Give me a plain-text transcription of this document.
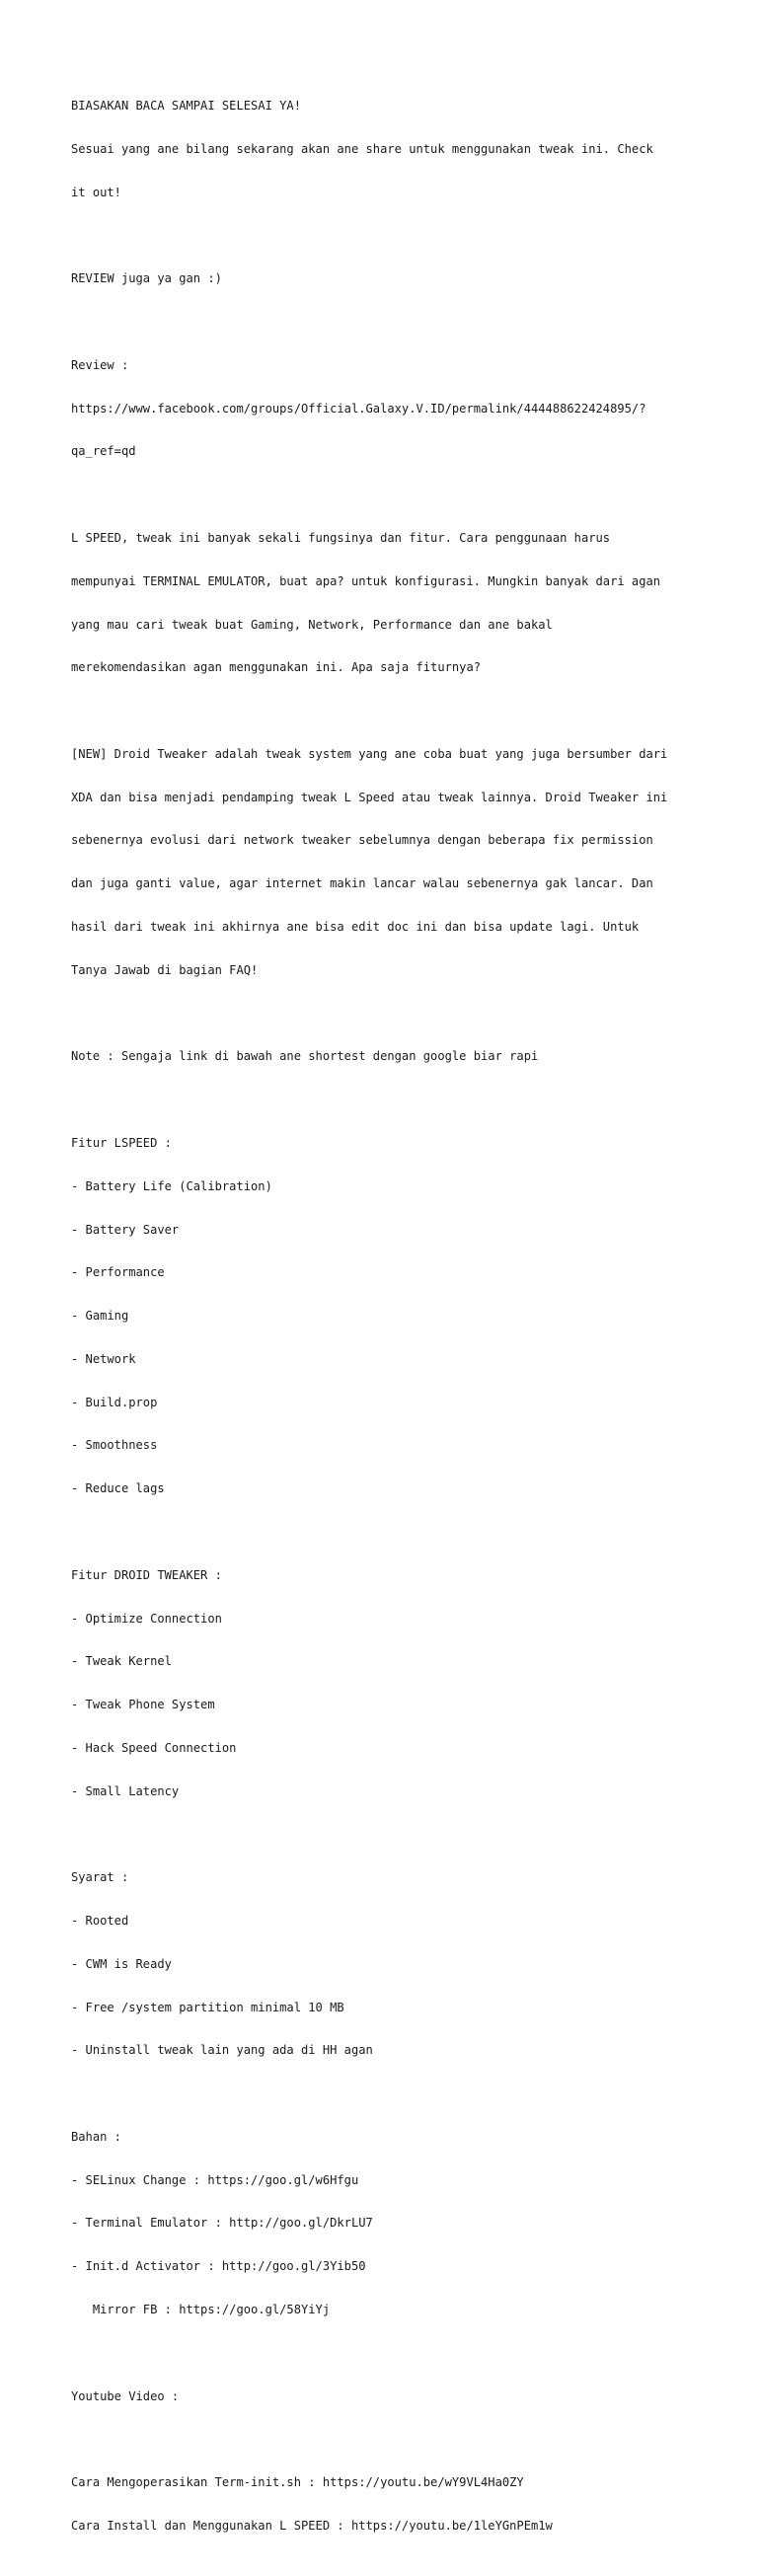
BIASAKAN BACA SAMPAI SELESAI YA!

Sesuai yang ane bilang sekarang akan ane share untuk menggunakan tweak ini. Check

it out!

REVIEW juga ya gan :)

Review :

https://www.facebook.com/groups/Official.Galaxy.V.ID/permalink/444488622424895/?

qa_ref=qd

L SPEED, tweak ini banyak sekali fungsinya dan fitur. Cara penggunaan harus

mempunyai TERMINAL EMULATOR, buat apa? untuk konfigurasi. Mungkin banyak dari agan

yang mau cari tweak buat Gaming, Network, Performance dan ane bakal

merekomendasikan agan menggunakan ini. Apa saja fiturnya?

[NEW] Droid Tweaker adalah tweak system yang ane coba buat yang juga bersumber dari

XDA dan bisa menjadi pendamping tweak L Speed atau tweak lainnya. Droid Tweaker ini

sebenernya evolusi dari network tweaker sebelumnya dengan beberapa fix permission

dan juga ganti value, agar internet makin lancar walau sebenernya gak lancar. Dan

hasil dari tweak ini akhirnya ane bisa edit doc ini dan bisa update lagi. Untuk

Tanya Jawab di bagian FAQ!

Note : Sengaja link di bawah ane shortest dengan google biar rapi

Fitur LSPEED :

- Battery Life (Calibration)

- Battery Saver

- Performance

- Gaming

- Network

- Build.prop

- Smoothness

- Reduce lags

Fitur DROID TWEAKER :

- Optimize Connection

- Tweak Kernel

- Tweak Phone System

- Hack Speed Connection

- Small Latency

Syarat :

- Rooted

- CWM is Ready

- Free /system partition minimal 10 MB

- Uninstall tweak lain yang ada di HH agan

Bahan :

- SELinux Change : https://goo.gl/w6Hfgu

- Terminal Emulator : http://goo.gl/DkrLU7

- Init.d Activator : http://goo.gl/3Yib50

Mirror FB : https://goo.gl/58YiYj

Youtube Video :

Cara Mengoperasikan Term-init.sh : https://youtu.be/wY9VL4Ha0ZY

Cara Install dan Menggunakan L SPEED : https://youtu.be/1leYGnPEm1w
